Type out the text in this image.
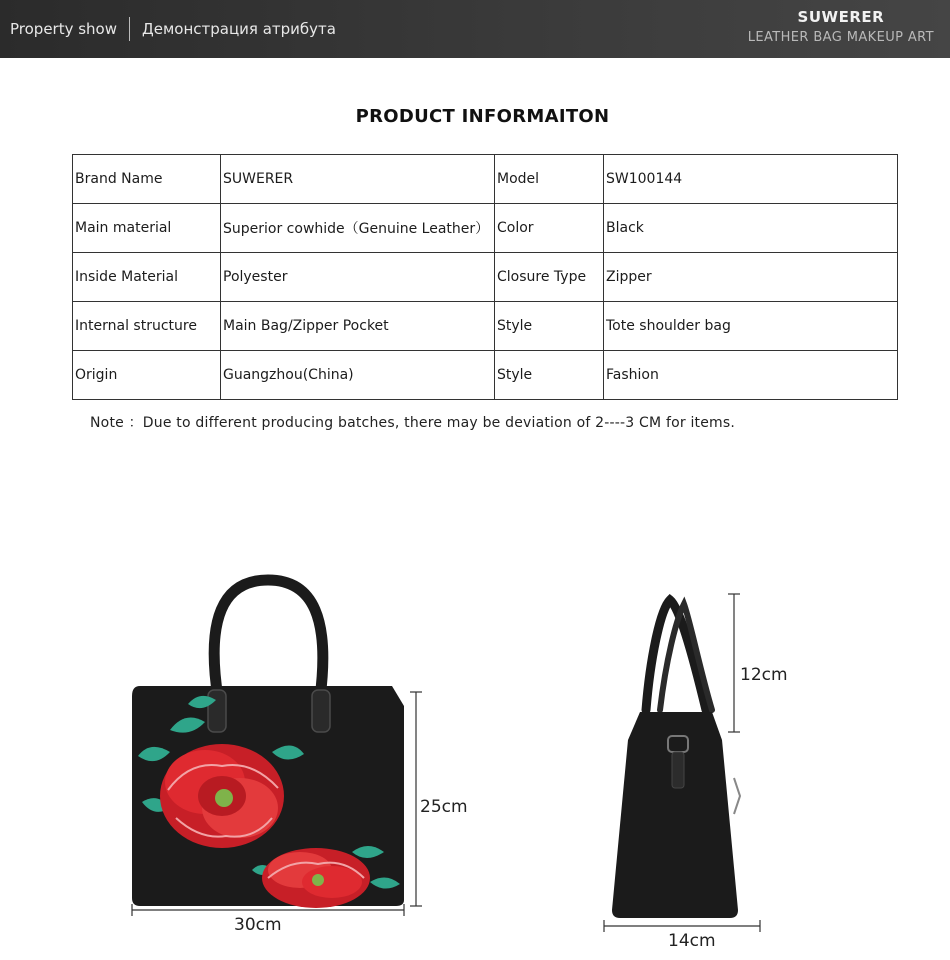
Property show Демонстрация атрибута
SUWERER
LEATHER BAG MAKEUP ART
PRODUCT INFORMAITON
Brand Name	SUWERER	Model	SW100144
Main material	Superior cowhide（Genuine Leather）	Color	Black
Inside Material	Polyester	Closure Type	Zipper
Internal structure	Main Bag/Zipper Pocket	Style	Tote shoulder bag
Origin	Guangzhou(China)	Style	Fashion
Note ：Due to different producing batches, there may be deviation of 2----3 CM for items.
25cm
30cm
12cm
14cm
